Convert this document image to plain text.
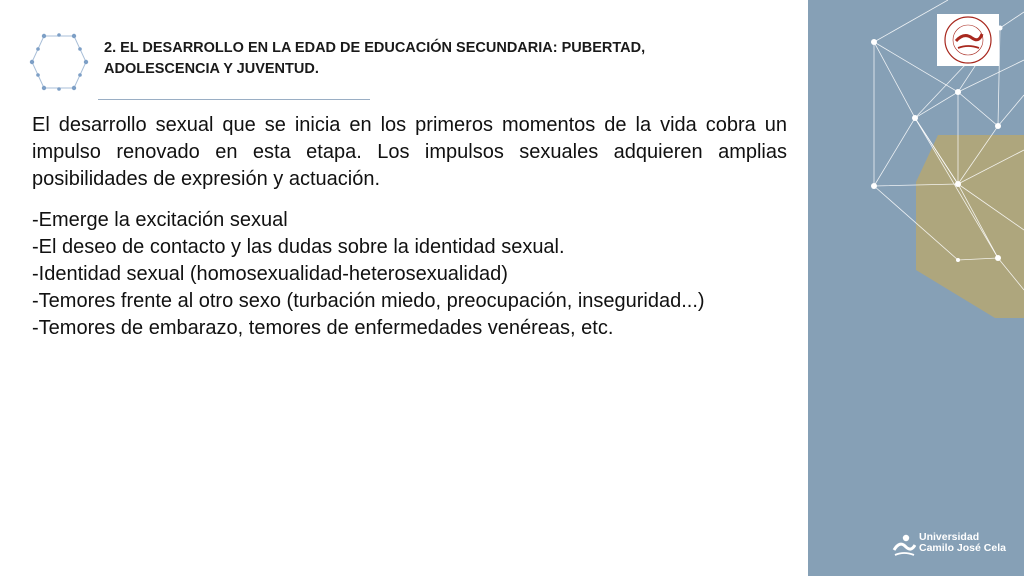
2. EL DESARROLLO EN LA EDAD DE EDUCACIÓN SECUNDARIA: PUBERTAD,
ADOLESCENCIA Y JUVENTUD.

El desarrollo sexual que se inicia en los primeros momentos de la vida cobra un impulso renovado en esta etapa. Los impulsos sexuales adquieren amplias posibilidades de expresión y actuación.

-Emerge la excitación sexual
-El deseo de contacto y las dudas sobre la identidad sexual.
-Identidad sexual (homosexualidad-heterosexualidad)
-Temores frente al otro sexo (turbación miedo, preocupación, inseguridad...)
-Temores de embarazo, temores de enfermedades venéreas, etc.
Universidad
Camilo José Cela
